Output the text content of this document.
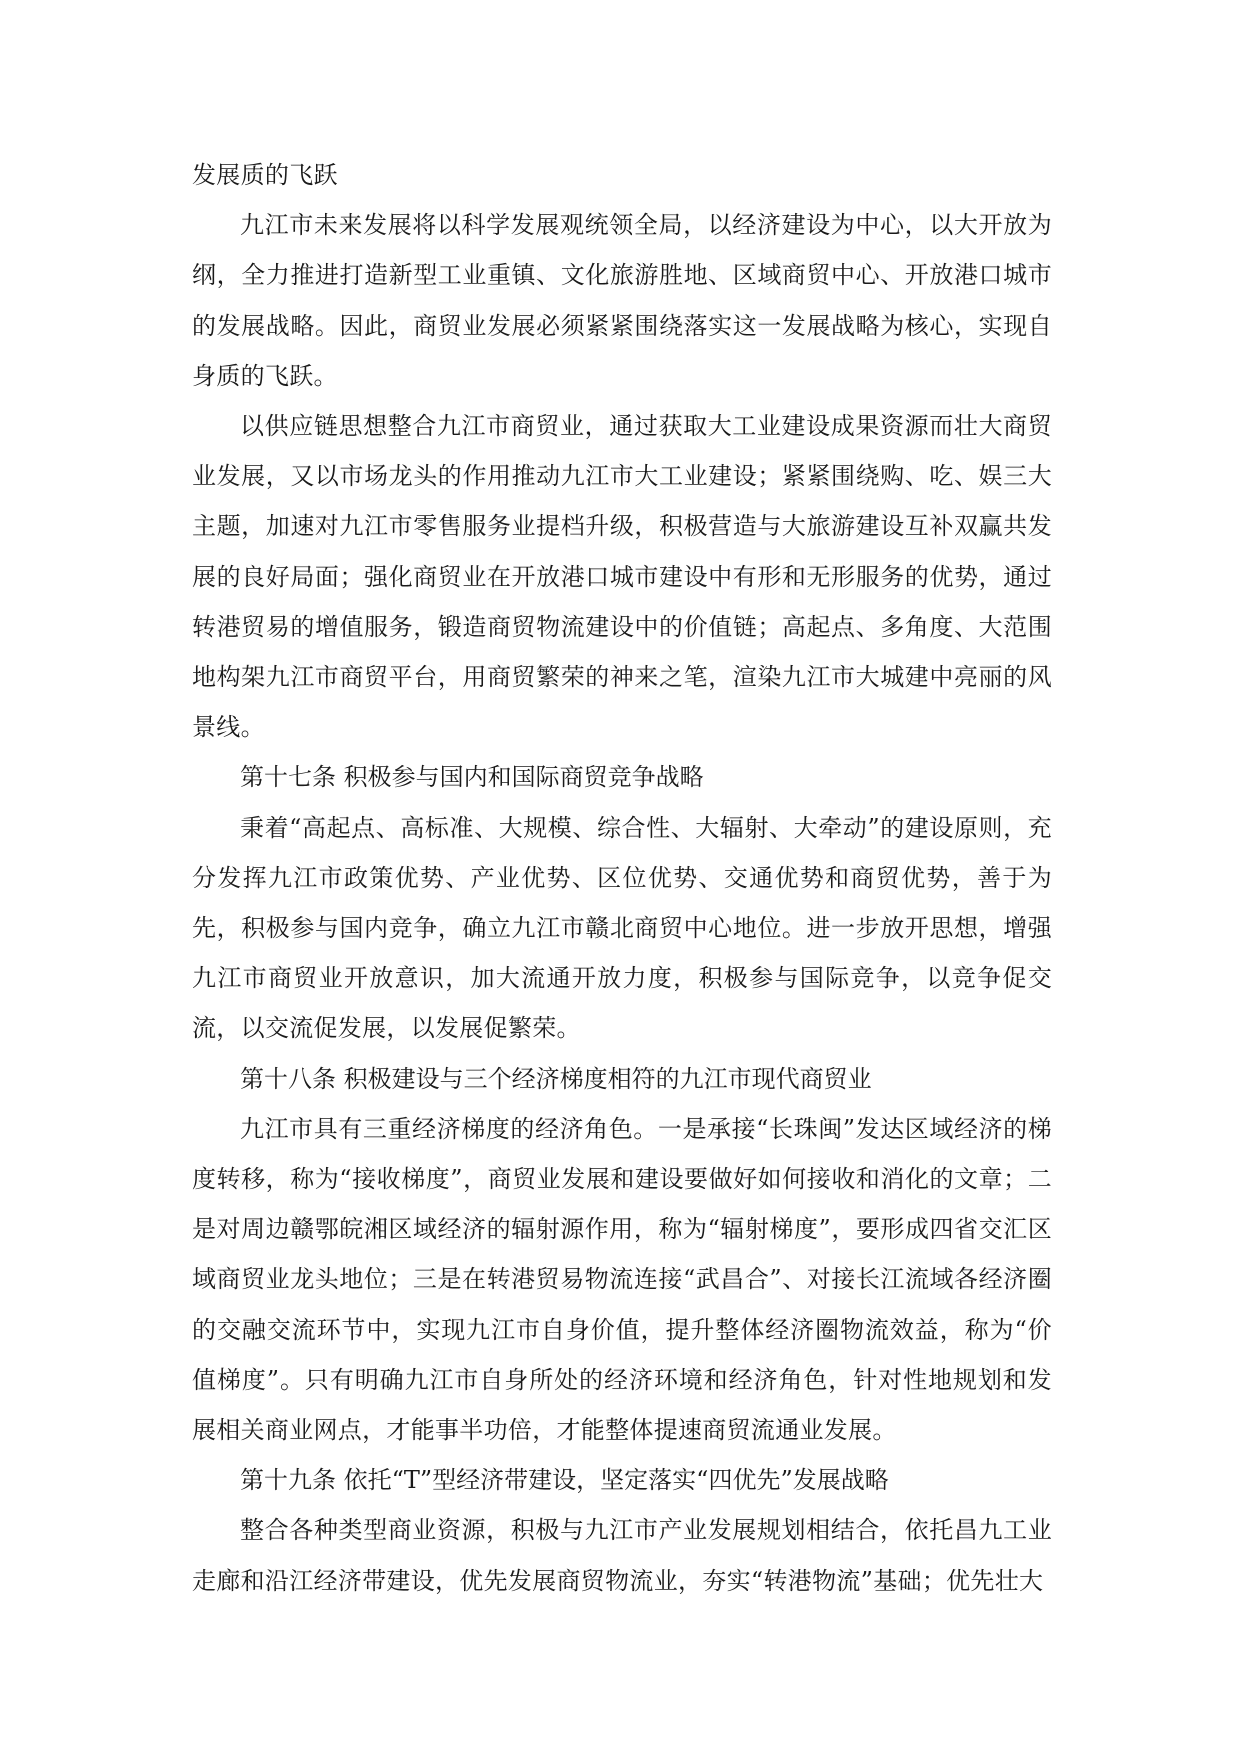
发展质的飞跃

九江市未来发展将以科学发展观统领全局，以经济建设为中心，以大开放为纲，全力推进打造新型工业重镇、文化旅游胜地、区域商贸中心、开放港口城市的发展战略。因此，商贸业发展必须紧紧围绕落实这一发展战略为核心，实现自身质的飞跃。

以供应链思想整合九江市商贸业，通过获取大工业建设成果资源而壮大商贸业发展，又以市场龙头的作用推动九江市大工业建设；紧紧围绕购、吃、娱三大主题，加速对九江市零售服务业提档升级，积极营造与大旅游建设互补双赢共发展的良好局面；强化商贸业在开放港口城市建设中有形和无形服务的优势，通过转港贸易的增值服务，锻造商贸物流建设中的价值链；高起点、多角度、大范围地构架九江市商贸平台，用商贸繁荣的神来之笔，渲染九江市大城建中亮丽的风景线。

第十七条 积极参与国内和国际商贸竞争战略

秉着“高起点、高标准、大规模、综合性、大辐射、大牵动”的建设原则，充分发挥九江市政策优势、产业优势、区位优势、交通优势和商贸优势，善于为先，积极参与国内竞争，确立九江市赣北商贸中心地位。进一步放开思想，增强九江市商贸业开放意识，加大流通开放力度，积极参与国际竞争，以竞争促交流，以交流促发展，以发展促繁荣。

第十八条 积极建设与三个经济梯度相符的九江市现代商贸业

九江市具有三重经济梯度的经济角色。一是承接“长珠闽”发达区域经济的梯度转移，称为“接收梯度”，商贸业发展和建设要做好如何接收和消化的文章；二是对周边赣鄂皖湘区域经济的辐射源作用，称为“辐射梯度”，要形成四省交汇区域商贸业龙头地位；三是在转港贸易物流连接“武昌合”、对接长江流域各经济圈的交融交流环节中，实现九江市自身价值，提升整体经济圈物流效益，称为“价值梯度”。只有明确九江市自身所处的经济环境和经济角色，针对性地规划和发展相关商业网点，才能事半功倍，才能整体提速商贸流通业发展。

第十九条 依托“T”型经济带建设，坚定落实“四优先”发展战略

整合各种类型商业资源，积极与九江市产业发展规划相结合，依托昌九工业走廊和沿江经济带建设，优先发展商贸物流业，夯实“转港物流”基础；优先壮大
